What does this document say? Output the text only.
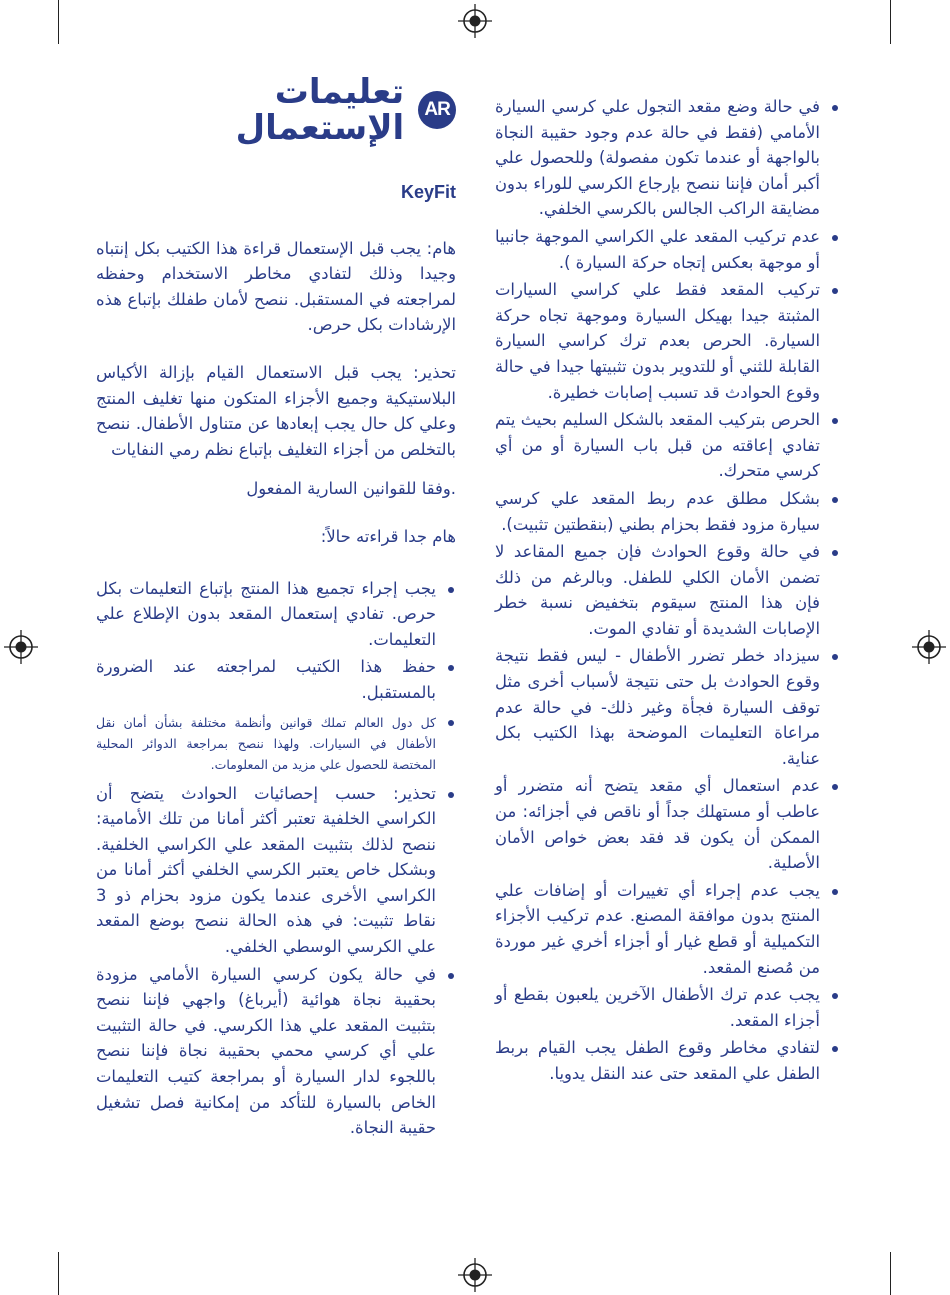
AR
تعليمات الإستعمال
KeyFit

هام: يجب قبل الإستعمال قراءة هذا الكتيب بكل إنتباه وجيدا وذلك لتفادي مخاطر الاستخدام وحفظه لمراجعته في المستقبل. ننصح لأمان طفلك بإتباع هذه الإرشادات بكل حرص.

تحذير: يجب قبل الاستعمال القيام بإزالة الأكياس البلاستيكية وجميع الأجزاء المتكون منها تغليف المنتج وعلي كل حال يجب إبعادها عن متناول الأطفال. ننصح بالتخلص من أجزاء التغليف بإتباع نظم رمي النفايات

.وفقا للقوانين السارية المفعول

هام جدا قراءته حالاً:

يجب إجراء تجميع هذا المنتج بإتباع التعليمات بكل حرص. تفادي إستعمال المقعد بدون الإطلاع علي التعليمات.
حفظ هذا الكتيب لمراجعته عند الضرورة بالمستقبل.
كل دول العالم تملك قوانين وأنظمة مختلفة بشأن أمان نقل الأطفال في السيارات. ولهذا ننصح بمراجعة الدوائر المحلية المختصة للحصول علي مزيد من المعلومات.
تحذير: حسب إحصائيات الحوادث يتضح أن الكراسي الخلفية تعتبر أكثر أمانا من تلك الأمامية: ننصح لذلك بتثبيت المقعد علي الكراسي الخلفية. وبشكل خاص يعتبر الكرسي الخلفي أكثر أمانا من الكراسي الأخرى عندما يكون مزود بحزام ذو 3 نقاط تثبيت: في هذه الحالة ننصح بوضع المقعد علي الكرسي الوسطي الخلفي.
في حالة يكون كرسي السيارة الأمامي مزودة بحقيبة نجاة هوائية (أيرباغ) واجهي فإننا ننصح بتثبيت المقعد علي هذا الكرسي. في حالة التثبيت علي أي كرسي محمي بحقيبة نجاة فإننا ننصح باللجوء لدار السيارة أو بمراجعة كتيب التعليمات الخاص بالسيارة للتأكد من إمكانية فصل تشغيل حقيبة النجاة.
في حالة وضع مقعد التجول علي كرسي السيارة الأمامي (فقط في حالة عدم وجود حقيبة النجاة بالواجهة أو عندما تكون مفصولة) وللحصول علي أكبر أمان فإننا ننصح بإرجاع الكرسي للوراء بدون مضايقة الراكب الجالس بالكرسي الخلفي.
عدم تركيب المقعد علي الكراسي الموجهة جانبيا أو موجهة بعكس إتجاه حركة السيارة ).
تركيب المقعد فقط علي كراسي السيارات المثبتة جيدا بهيكل السيارة وموجهة تجاه حركة السيارة. الحرص بعدم ترك كراسي السيارة القابلة للثني أو للتدوير بدون تثبيتها جيدا في حالة وقوع الحوادث قد تسبب إصابات خطيرة.
الحرص بتركيب المقعد بالشكل السليم بحيث يتم تفادي إعاقته من قبل باب السيارة أو من أي كرسي متحرك.
بشكل مطلق عدم ربط المقعد علي كرسي سيارة مزود فقط بحزام بطني (بنقطتين تثبيت).
في حالة وقوع الحوادث فإن جميع المقاعد لا تضمن الأمان الكلي للطفل. وبالرغم من ذلك فإن هذا المنتج سيقوم بتخفيض نسبة خطر الإصابات الشديدة أو تفادي الموت.
سيزداد خطر تضرر الأطفال - ليس فقط نتيجة وقوع الحوادث بل حتى نتيجة لأسباب أخرى مثل توقف السيارة فجأة وغير ذلك- في حالة عدم مراعاة التعليمات الموضحة بهذا الكتيب بكل عناية.
عدم استعمال أي مقعد يتضح أنه متضرر أو عاطب أو مستهلك جداً أو ناقص في أجزائه: من الممكن أن يكون قد فقد بعض خواص الأمان الأصلية.
يجب عدم إجراء أي تغييرات أو إضافات علي المنتج بدون موافقة المصنع. عدم تركيب الأجزاء التكميلية أو قطع غيار أو أجزاء أخري غير موردة من مُصنع المقعد.
يجب عدم ترك الأطفال الآخرين يلعبون بقطع أو أجزاء المقعد.
لتفادي مخاطر وقوع الطفل يجب القيام بربط الطفل علي المقعد حتى عند النقل يدويا.
